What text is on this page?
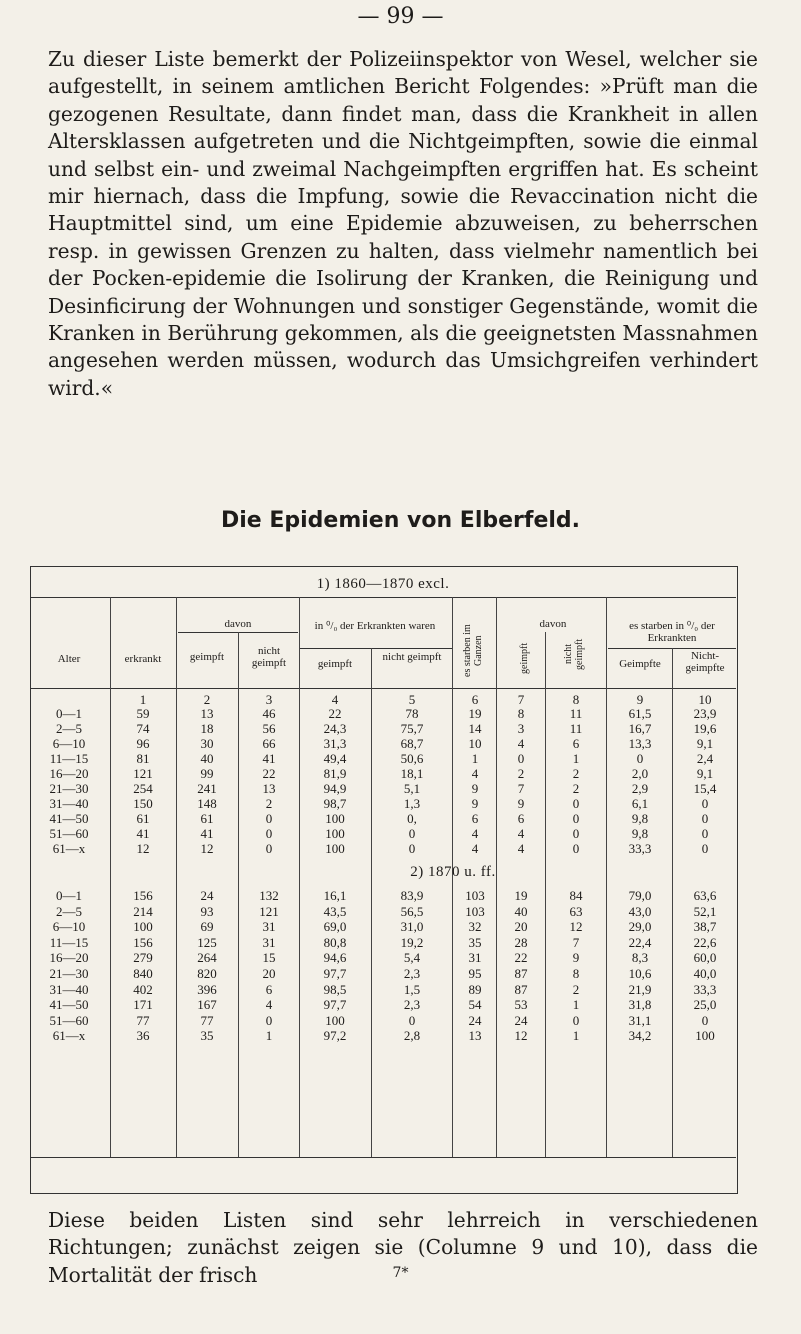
— 99 —
Zu dieser Liste bemerkt der Polizeiinspektor von Wesel, welcher sie aufgestellt, in seinem amtlichen Bericht Folgendes: »Prüft man die gezogenen Resultate, dann findet man, dass die Krankheit in allen Altersklassen aufgetreten und die Nichtgeimpften, sowie die einmal und selbst ein- und zweimal Nachgeimpften ergriffen hat. Es scheint mir hiernach, dass die Impfung, sowie die Revaccination nicht die Hauptmittel sind, um eine Epidemie abzuweisen, zu beherrschen resp. in gewissen Grenzen zu halten, dass vielmehr namentlich bei der Pocken-epidemie die Isolirung der Kranken, die Reinigung und Desinficirung der Wohnungen und sonstiger Gegenstände, womit die Kranken in Berührung gekommen, als die geeignetsten Massnahmen angesehen werden müssen, wodurch das Umsichgreifen verhindert wird.«
Die Epidemien von Elberfeld.
1) 1860—1870 excl.
Alter	erkrankt
davon
geimpft	nicht geimpft
in ⁰/₀ der Erkrankten waren
geimpft
nicht geimpft	es starben im Ganzen
davon
geimpft	nicht geimpft
es starben in ⁰/₀ der Erkrankten
Geimpfte
Nicht-geimpfte
1	2	3	4	5	6	7	8	9	10
0—1	59	13	46	22	78	19	8	11	61,5	23,9
2—5	74	18	56	24,3	75,7	14	3	11	16,7	19,6
6—10	96	30	66	31,3	68,7	10	4	6	13,3	9,1
11—15	81	40	41	49,4	50,6	1	0	1	0	2,4
16—20	121	99	22	81,9	18,1	4	2	2	2,0	9,1
21—30	254	241	13	94,9	5,1	9	7	2	2,9	15,4
31—40	150	148	2	98,7	1,3	9	9	0	6,1	0
41—50	61	61	0	100	0,	6	6	0	9,8	0
51—60	41	41	0	100	0	4	4	0	9,8	0
61—x	12	12	0	100	0	4	4	0	33,3	0
2) 1870 u. ff.
0—1	156	24	132	16,1	83,9	103	19	84	79,0	63,6
2—5	214	93	121	43,5	56,5	103	40	63	43,0	52,1
6—10	100	69	31	69,0	31,0	32	20	12	29,0	38,7
11—15	156	125	31	80,8	19,2	35	28	7	22,4	22,6
16—20	279	264	15	94,6	5,4	31	22	9	8,3	60,0
21—30	840	820	20	97,7	2,3	95	87	8	10,6	40,0
31—40	402	396	6	98,5	1,5	89	87	2	21,9	33,3
41—50	171	167	4	97,7	2,3	54	53	1	31,8	25,0
51—60	77	77	0	100	0	24	24	0	31,1	0
61—x	36	35	1	97,2	2,8	13	12	1	34,2	100
Diese beiden Listen sind sehr lehrreich in verschiedenen Richtungen; zunächst zeigen sie (Columne 9 und 10), dass die Mortalität der frisch	7*
